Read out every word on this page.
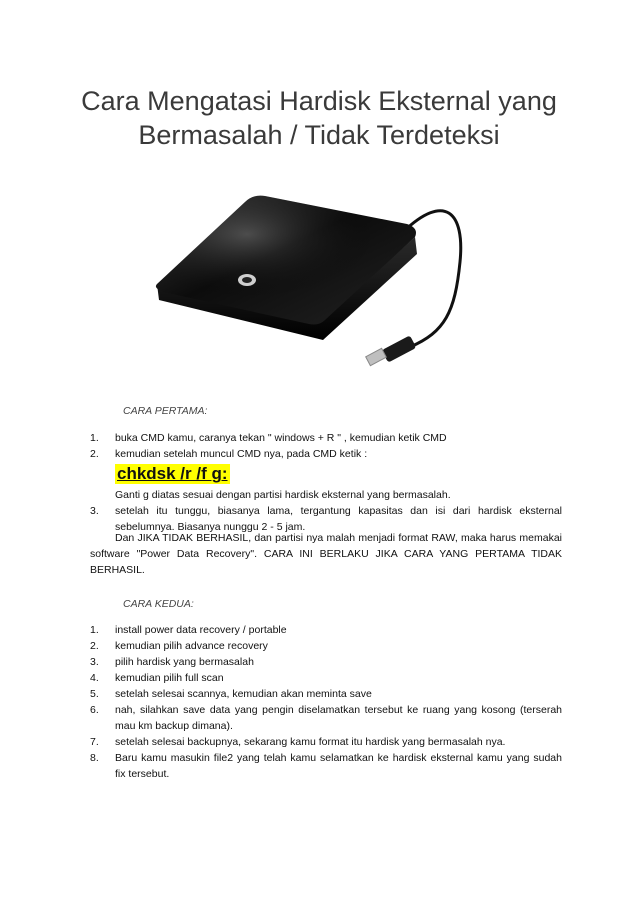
Cara Mengatasi Hardisk Eksternal yang
Bermasalah / Tidak Terdeteksi
CARA PERTAMA:
1. buka CMD kamu, caranya tekan " windows + R " , kemudian ketik CMD
2. kemudian setelah muncul CMD nya, pada CMD ketik :
chkdsk /r /f g:
Ganti g diatas sesuai dengan partisi hardisk eksternal yang bermasalah.
3. setelah itu tunggu, biasanya lama, tergantung kapasitas dan isi dari hardisk eksternal sebelumnya. Biasanya nunggu 2 - 5 jam.

Dan JIKA TIDAK BERHASIL, dan partisi nya malah menjadi format RAW, maka harus memakai software "Power Data Recovery". CARA INI BERLAKU JIKA CARA YANG PERTAMA TIDAK BERHASIL.

CARA KEDUA:
1. install power data recovery / portable
2. kemudian pilih advance recovery
3. pilih hardisk yang bermasalah
4. kemudian pilih full scan
5. setelah selesai scannya, kemudian akan meminta save
6. nah, silahkan save data yang pengin diselamatkan tersebut ke ruang yang kosong (terserah mau km backup dimana).
7. setelah selesai backupnya, sekarang kamu format itu hardisk yang bermasalah nya.
8. Baru kamu masukin file2 yang telah kamu selamatkan ke hardisk eksternal kamu yang sudah fix tersebut.
